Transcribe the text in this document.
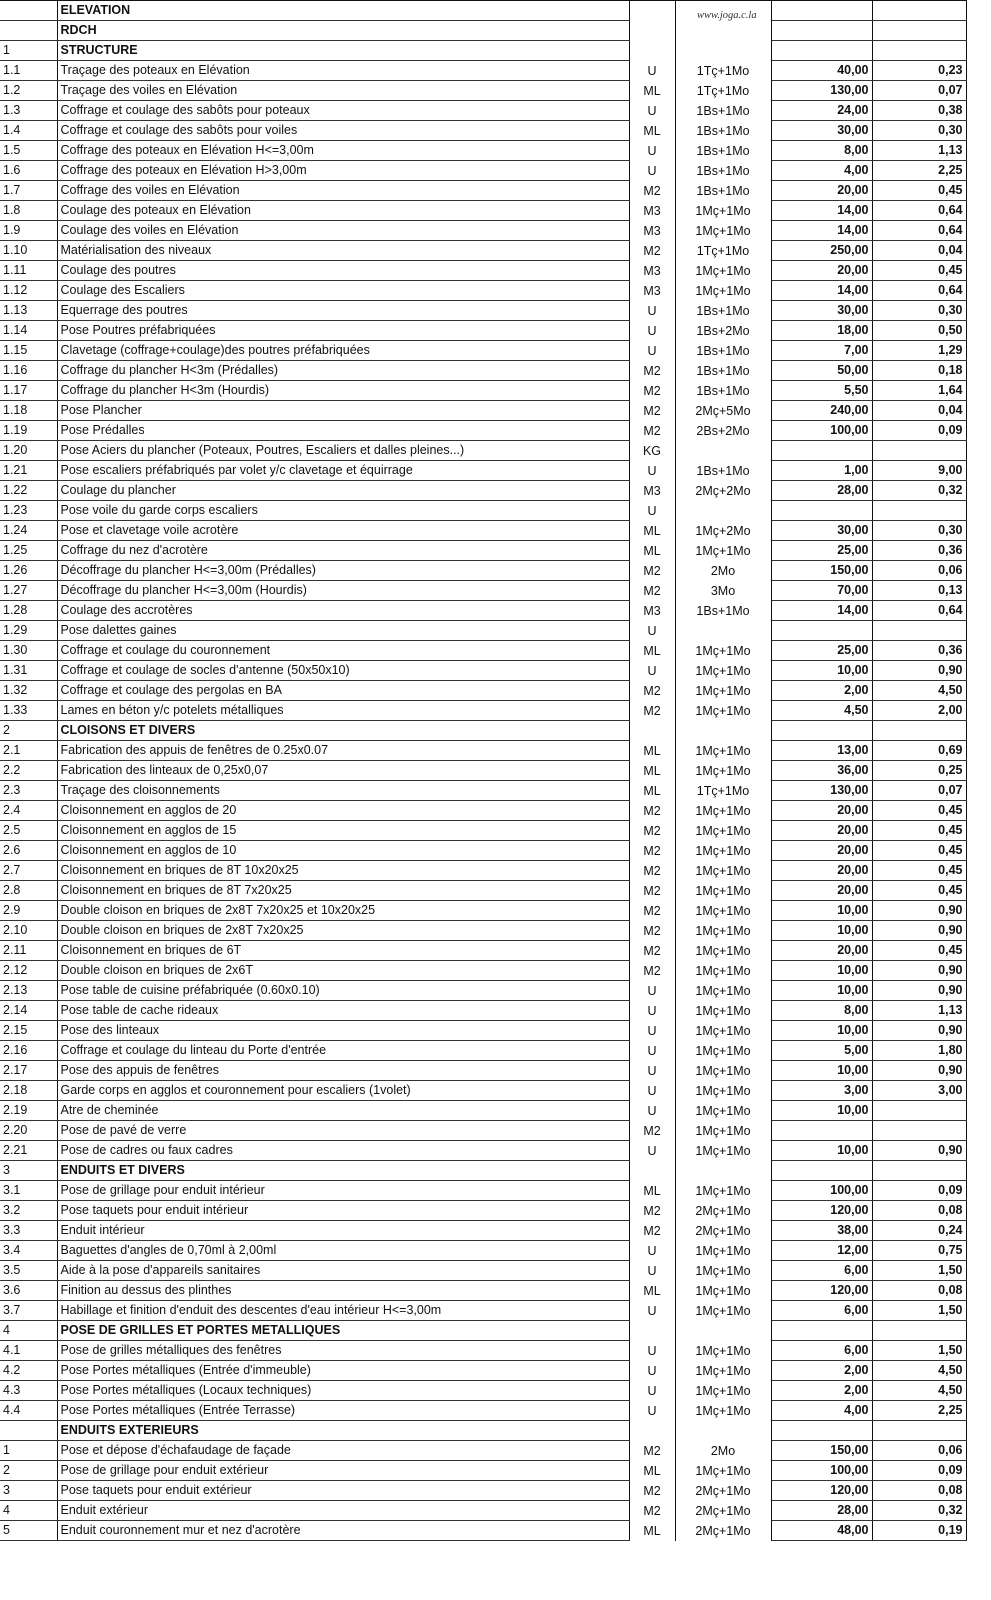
	ELEVATION				
	RDCH				
1	STRUCTURE				
1.1	Traçage des poteaux en Elévation	U	1Tç+1Mo	40,00	0,23
1.2	Traçage des voiles en Elévation	ML	1Tç+1Mo	130,00	0,07
1.3	Coffrage et coulage des sabôts pour poteaux	U	1Bs+1Mo	24,00	0,38
1.4	Coffrage et coulage des sabôts pour voiles	ML	1Bs+1Mo	30,00	0,30
1.5	Coffrage des poteaux en Elévation H<=3,00m	U	1Bs+1Mo	8,00	1,13
1.6	Coffrage des poteaux en Elévation H>3,00m	U	1Bs+1Mo	4,00	2,25
1.7	Coffrage des voiles en Elévation	M2	1Bs+1Mo	20,00	0,45
1.8	Coulage des poteaux en Elévation	M3	1Mç+1Mo	14,00	0,64
1.9	Coulage des voiles en Elévation	M3	1Mç+1Mo	14,00	0,64
1.10	Matérialisation des niveaux	M2	1Tç+1Mo	250,00	0,04
1.11	Coulage des poutres	M3	1Mç+1Mo	20,00	0,45
1.12	Coulage des Escaliers	M3	1Mç+1Mo	14,00	0,64
1.13	Equerrage des poutres	U	1Bs+1Mo	30,00	0,30
1.14	Pose Poutres préfabriquées	U	1Bs+2Mo	18,00	0,50
1.15	Clavetage (coffrage+coulage)des poutres préfabriquées	U	1Bs+1Mo	7,00	1,29
1.16	Coffrage du plancher H<3m (Prédalles)	M2	1Bs+1Mo	50,00	0,18
1.17	Coffrage du plancher H<3m (Hourdis)	M2	1Bs+1Mo	5,50	1,64
1.18	Pose Plancher	M2	2Mç+5Mo	240,00	0,04
1.19	Pose Prédalles	M2	2Bs+2Mo	100,00	0,09
1.20	Pose Aciers du plancher (Poteaux, Poutres, Escaliers et dalles pleines...)	KG			
1.21	Pose escaliers préfabriqués par volet y/c clavetage et équirrage	U	1Bs+1Mo	1,00	9,00
1.22	Coulage du plancher	M3	2Mç+2Mo	28,00	0,32
1.23	Pose voile du garde corps escaliers	U			
1.24	Pose et clavetage voile acrotère	ML	1Mç+2Mo	30,00	0,30
1.25	Coffrage du nez d'acrotère	ML	1Mç+1Mo	25,00	0,36
1.26	Décoffrage du plancher H<=3,00m (Prédalles)	M2	2Mo	150,00	0,06
1.27	Décoffrage du plancher H<=3,00m (Hourdis)	M2	3Mo	70,00	0,13
1.28	Coulage des accrotères	M3	1Bs+1Mo	14,00	0,64
1.29	Pose dalettes gaines	U			
1.30	Coffrage et coulage du couronnement	ML	1Mç+1Mo	25,00	0,36
1.31	Coffrage et coulage de socles d'antenne (50x50x10)	U	1Mç+1Mo	10,00	0,90
1.32	Coffrage et coulage des pergolas en BA	M2	1Mç+1Mo	2,00	4,50
1.33	Lames en béton y/c potelets métalliques	M2	1Mç+1Mo	4,50	2,00
2	CLOISONS ET DIVERS				
2.1	Fabrication des appuis de fenêtres de 0.25x0.07	ML	1Mç+1Mo	13,00	0,69
2.2	Fabrication des linteaux de 0,25x0,07	ML	1Mç+1Mo	36,00	0,25
2.3	Traçage des cloisonnements	ML	1Tç+1Mo	130,00	0,07
2.4	Cloisonnement en agglos de 20	M2	1Mç+1Mo	20,00	0,45
2.5	Cloisonnement en agglos de 15	M2	1Mç+1Mo	20,00	0,45
2.6	Cloisonnement en agglos de 10	M2	1Mç+1Mo	20,00	0,45
2.7	Cloisonnement en briques de 8T 10x20x25	M2	1Mç+1Mo	20,00	0,45
2.8	Cloisonnement en briques de 8T 7x20x25	M2	1Mç+1Mo	20,00	0,45
2.9	Double cloison en briques de 2x8T 7x20x25 et 10x20x25	M2	1Mç+1Mo	10,00	0,90
2.10	Double cloison en briques de 2x8T 7x20x25	M2	1Mç+1Mo	10,00	0,90
2.11	Cloisonnement en briques de 6T	M2	1Mç+1Mo	20,00	0,45
2.12	Double cloison en briques de 2x6T	M2	1Mç+1Mo	10,00	0,90
2.13	Pose table de cuisine préfabriquée (0.60x0.10)	U	1Mç+1Mo	10,00	0,90
2.14	Pose table de cache rideaux	U	1Mç+1Mo	8,00	1,13
2.15	Pose des linteaux	U	1Mç+1Mo	10,00	0,90
2.16	Coffrage et coulage du linteau du Porte d'entrée	U	1Mç+1Mo	5,00	1,80
2.17	Pose des appuis de fenêtres	U	1Mç+1Mo	10,00	0,90
2.18	Garde corps en agglos et couronnement pour escaliers (1volet)	U	1Mç+1Mo	3,00	3,00
2.19	Atre de cheminée	U	1Mç+1Mo	10,00	
2.20	Pose de pavé de verre	M2	1Mç+1Mo		
2.21	Pose de cadres ou faux cadres	U	1Mç+1Mo	10,00	0,90
3	ENDUITS ET DIVERS				
3.1	Pose de grillage pour enduit intérieur	ML	1Mç+1Mo	100,00	0,09
3.2	Pose taquets pour enduit intérieur	M2	2Mç+1Mo	120,00	0,08
3.3	Enduit intérieur	M2	2Mç+1Mo	38,00	0,24
3.4	Baguettes d'angles de 0,70ml à 2,00ml	U	1Mç+1Mo	12,00	0,75
3.5	Aide à la pose d'appareils sanitaires	U	1Mç+1Mo	6,00	1,50
3.6	Finition au dessus des plinthes	ML	1Mç+1Mo	120,00	0,08
3.7	Habillage et finition d'enduit des descentes d'eau intérieur H<=3,00m	U	1Mç+1Mo	6,00	1,50
4	POSE DE GRILLES ET PORTES METALLIQUES				
4.1	Pose de grilles métalliques des fenêtres	U	1Mç+1Mo	6,00	1,50
4.2	Pose Portes métalliques (Entrée d'immeuble)	U	1Mç+1Mo	2,00	4,50
4.3	Pose Portes métalliques (Locaux techniques)	U	1Mç+1Mo	2,00	4,50
4.4	Pose Portes métalliques (Entrée Terrasse)	U	1Mç+1Mo	4,00	2,25
	ENDUITS EXTERIEURS				
1	Pose et dépose d'échafaudage de façade	M2	2Mo	150,00	0,06
2	Pose de grillage pour enduit extérieur	ML	1Mç+1Mo	100,00	0,09
3	Pose taquets pour enduit extérieur	M2	2Mç+1Mo	120,00	0,08
4	Enduit extérieur	M2	2Mç+1Mo	28,00	0,32
5	Enduit couronnement mur et nez d'acrotère	ML	2Mç+1Mo	48,00	0,19
www.joga.c.la
